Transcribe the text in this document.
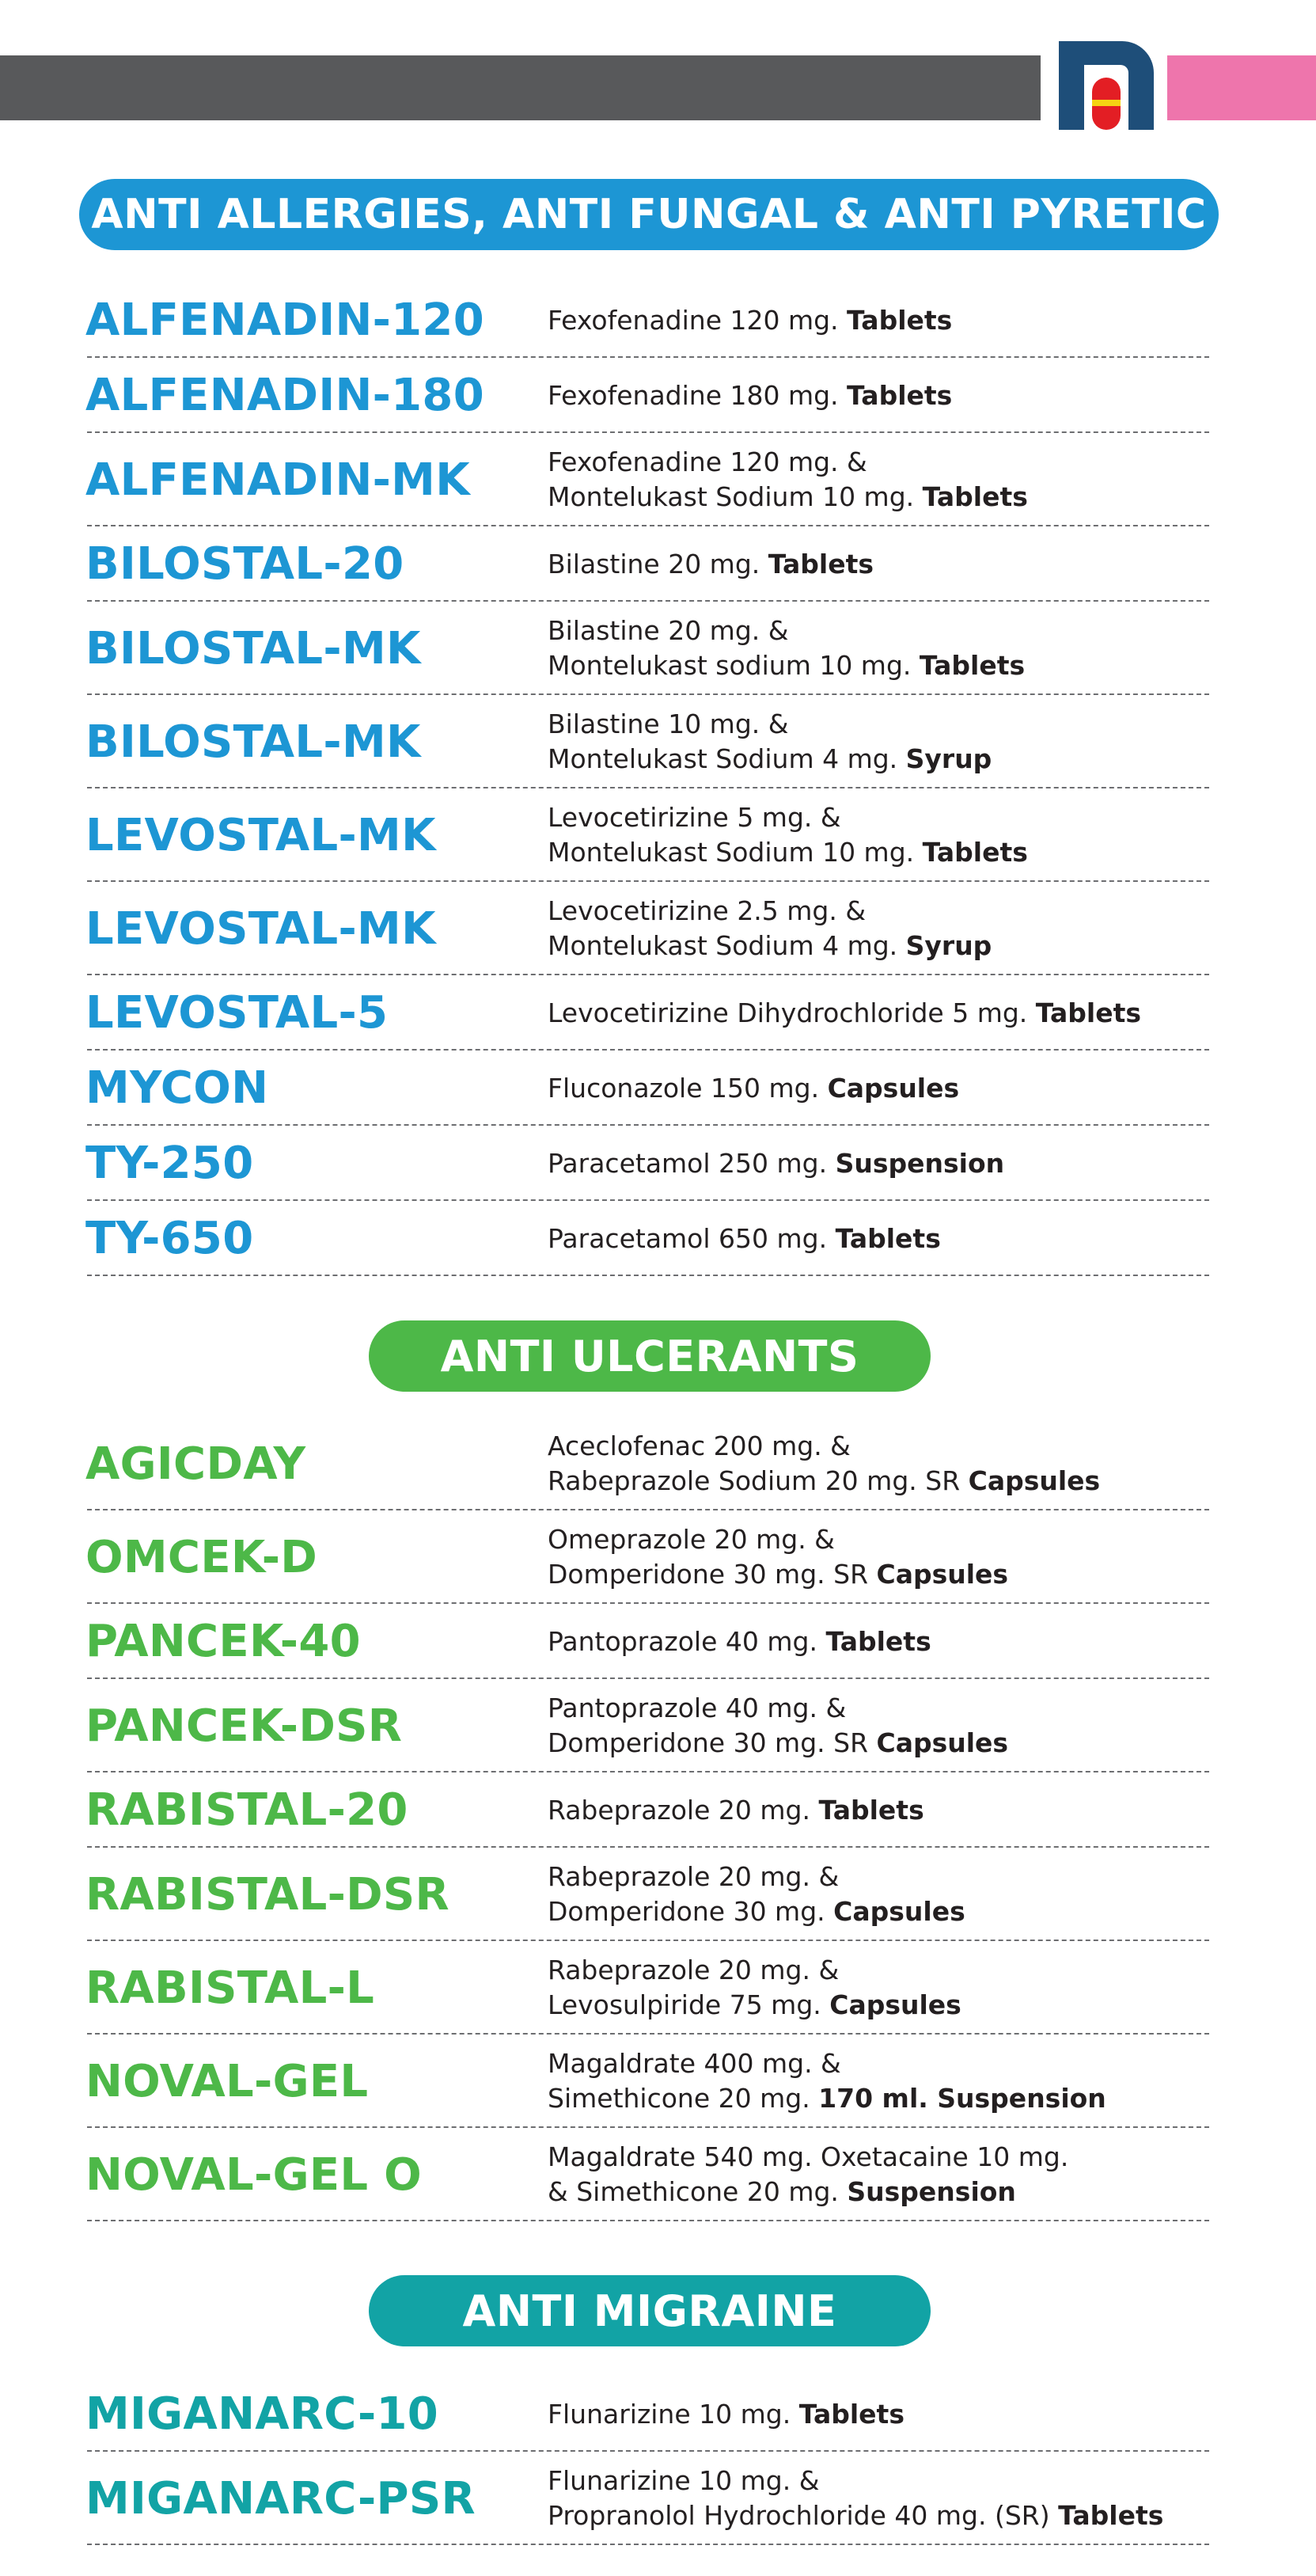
ANTI ALLERGIES, ANTI FUNGAL & ANTI PYRETIC
ALFENADIN-120 Fexofenadine 120 mg. Tablets
ALFENADIN-180 Fexofenadine 180 mg. Tablets
ALFENADIN-MK	Fexofenadine 120 mg. &
Montelukast Sodium 10 mg. Tablets
BILOSTAL-20	Bilastine 20 mg. Tablets
BILOSTAL-MK	Bilastine 20 mg. &
Montelukast sodium 10 mg. Tablets
BILOSTAL-MK	Bilastine 10 mg. &
Montelukast Sodium 4 mg. Syrup
LEVOSTAL-MK	Levocetirizine 5 mg. &
Montelukast Sodium 10 mg. Tablets
LEVOSTAL-MK	Levocetirizine 2.5 mg. &
Montelukast Sodium 4 mg. Syrup
LEVOSTAL-5	Levocetirizine Dihydrochloride 5 mg. Tablets
MYCON	Fluconazole 150 mg. Capsules
TY-250	Paracetamol 250 mg. Suspension
TY-650	Paracetamol 650 mg. Tablets
ANTI ULCERANTS
AGICDAY	Aceclofenac 200 mg. &
Rabeprazole Sodium 20 mg. SR Capsules
OMCEK-D	Omeprazole 20 mg. &
Domperidone 30 mg. SR Capsules
PANCEK-40	Pantoprazole 40 mg. Tablets
PANCEK-DSR	Pantoprazole 40 mg. &
Domperidone 30 mg. SR Capsules
RABISTAL-20	Rabeprazole 20 mg. Tablets
RABISTAL-DSR	Rabeprazole 20 mg. &
Domperidone 30 mg. Capsules
RABISTAL-L	Rabeprazole 20 mg. &
Levosulpiride 75 mg. Capsules
NOVAL-GEL	Magaldrate 400 mg. &
Simethicone 20 mg. 170 ml. Suspension
NOVAL-GEL O	Magaldrate 540 mg. Oxetacaine 10 mg.
& Simethicone 20 mg. Suspension
ANTI MIGRAINE
MIGANARC-10	Flunarizine 10 mg. Tablets
MIGANARC-PSR	Flunarizine 10 mg. &
Propranolol Hydrochloride 40 mg. (SR) Tablets
